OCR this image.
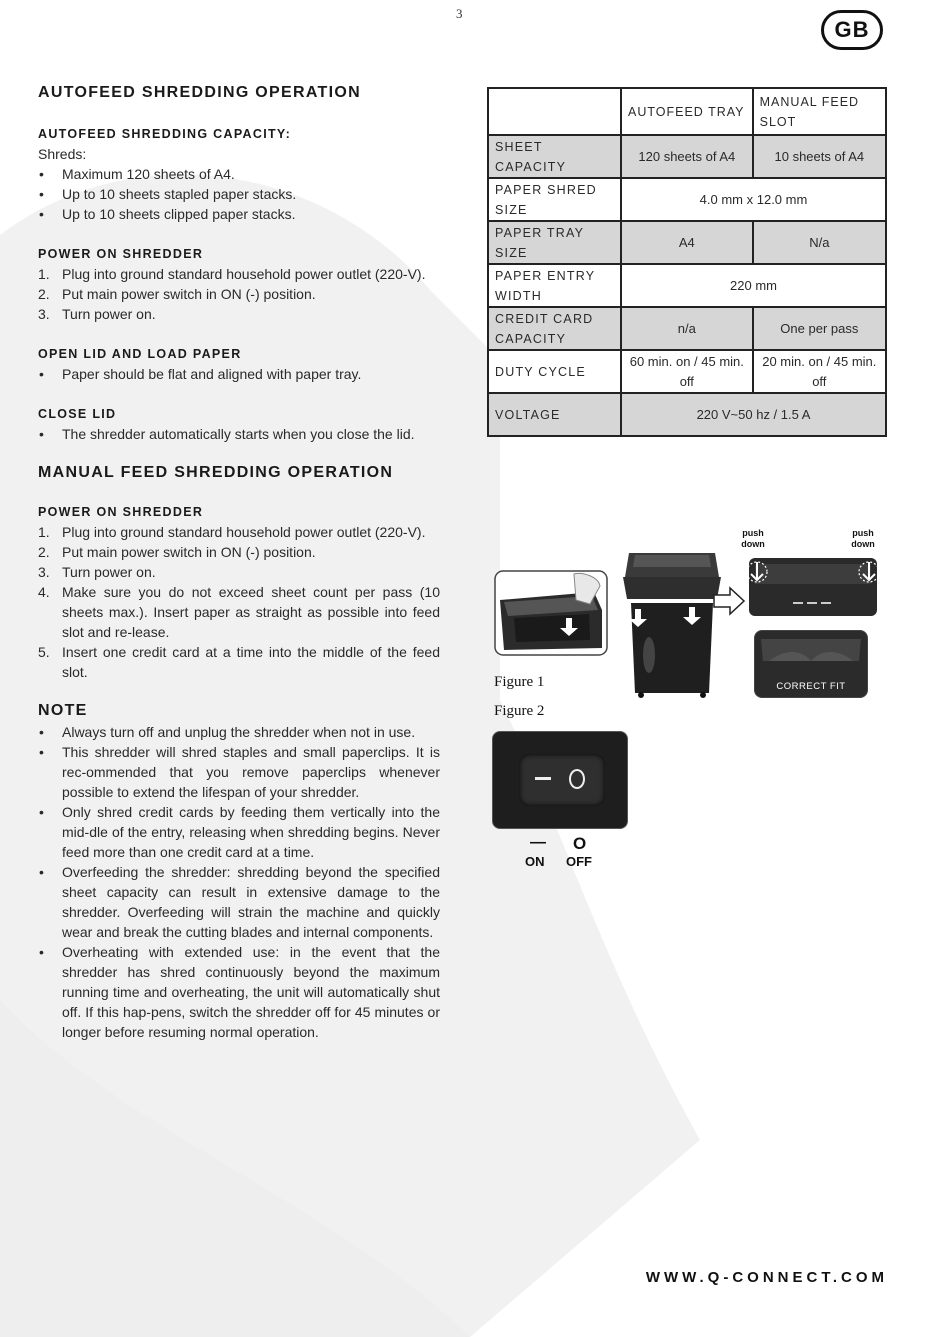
3
GB
AUTOFEED SHREDDING OPERATION
AUTOFEED SHREDDING CAPACITY:

Shreds:

• Maximum 120 sheets of A4.
• Up to 10 sheets stapled paper stacks.
• Up to 10 sheets clipped paper stacks.
POWER ON SHREDDER
1. Plug into ground standard household power outlet (220-V).
2. Put main power switch in ON (-) position.
3. Turn power on.
OPEN LID AND LOAD PAPER
• Paper should be flat and aligned with paper tray.
CLOSE LID
• The shredder automatically starts when you close the lid.
MANUAL FEED SHREDDING OPERATION
POWER ON SHREDDER
1. Plug into ground standard household power outlet (220-V).
2. Put main power switch in ON (-) position.
3. Turn power on.
4. Make sure you do not exceed sheet count per pass (10 sheets max.). Insert paper as straight as possible into feed slot and re-lease.
5. Insert one credit card at a time into the middle of the feed slot.
NOTE
• Always turn off and unplug the shredder when not in use.
• This shredder will shred staples and small paperclips. It is rec-ommended that you remove paperclips whenever possible to extend the lifespan of your shredder.
• Only shred credit cards by feeding them vertically into the mid-dle of the entry, releasing when shredding begins. Never feed more than one credit card at a time.
• Overfeeding the shredder: shredding beyond the specified sheet capacity can result in extensive damage to the shredder. Overfeeding will strain the machine and quickly wear and break the cutting blades and internal components.
• Overheating with extended use: in the event that the shredder has shred continuously beyond the maximum running time and overheating, the unit will automatically shut off. If this hap-pens, switch the shredder off for 45 minutes or longer before resuming normal operation.
	AUTOFEED TRAY	MANUAL FEED SLOT
SHEET CAPACITY	120 sheets of A4	10 sheets of A4
PAPER SHRED SIZE	4.0 mm x 12.0 mm	
PAPER TRAY SIZE	A4	N/a
PAPER ENTRY WIDTH	220 mm	
CREDIT CARD CAPACITY	n/a	One per pass
DUTY CYCLE	60 min. on / 45 min. off	20 min. on / 45 min. off
VOLTAGE	220 V~50 hz / 1.5 A	
push down
push down
CORRECT FIT
Figure 1
Figure 2
— O
ON OFF
WWW.Q-CONNECT.COM
